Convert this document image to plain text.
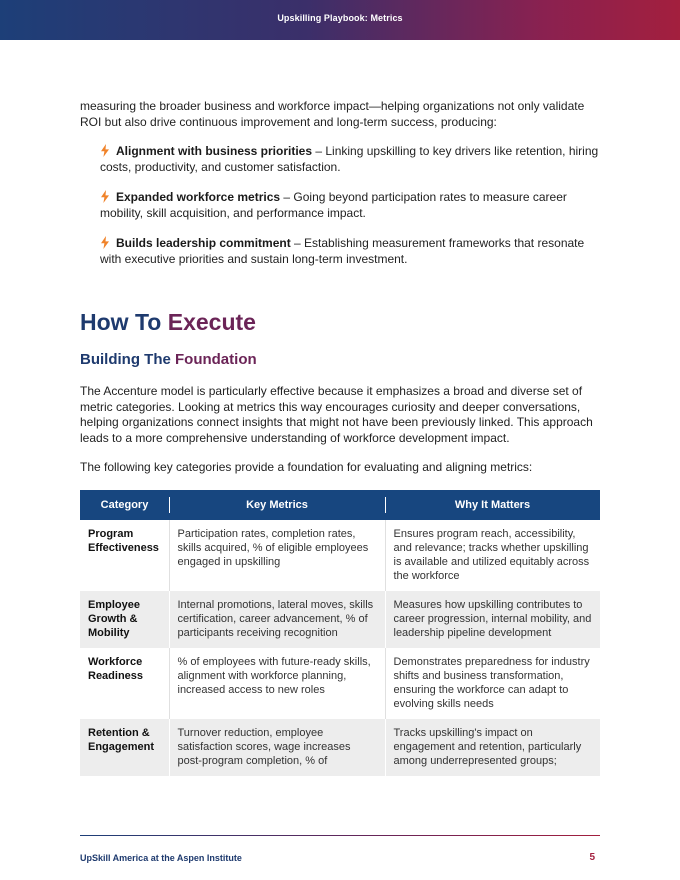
Upskilling Playbook: Metrics

measuring the broader business and workforce impact—helping organizations not only validate ROI but also drive continuous improvement and long-term success, producing:

Alignment with business priorities – Linking upskilling to key drivers like retention, hiring costs, productivity, and customer satisfaction.
Expanded workforce metrics – Going beyond participation rates to measure career mobility, skill acquisition, and performance impact.
Builds leadership commitment – Establishing measurement frameworks that resonate with executive priorities and sustain long-term investment.
How To Execute
Building The Foundation

The Accenture model is particularly effective because it emphasizes a broad and diverse set of metric categories. Looking at metrics this way encourages curiosity and deeper conversations, helping organizations connect insights that might not have been previously linked. This approach leads to a more comprehensive understanding of workforce development impact.

The following key categories provide a foundation for evaluating and aligning metrics:

Category	Key Metrics	Why It Matters
Program Effectiveness	Participation rates, completion rates, skills acquired, % of eligible employees engaged in upskilling	Ensures program reach, accessibility, and relevance; tracks whether upskilling is available and utilized equitably across the workforce
Employee Growth & Mobility	Internal promotions, lateral moves, skills certification, career advancement, % of participants receiving recognition	Measures how upskilling contributes to career progression, internal mobility, and leadership pipeline development
Workforce Readiness	% of employees with future-ready skills, alignment with workforce planning, increased access to new roles	Demonstrates preparedness for industry shifts and business transformation, ensuring the workforce can adapt to evolving skills needs
Retention & Engagement	Turnover reduction, employee satisfaction scores, wage increases post-program completion, % of	Tracks upskilling's impact on engagement and retention, particularly among underrepresented groups;
UpSkill America at the Aspen Institute	5
